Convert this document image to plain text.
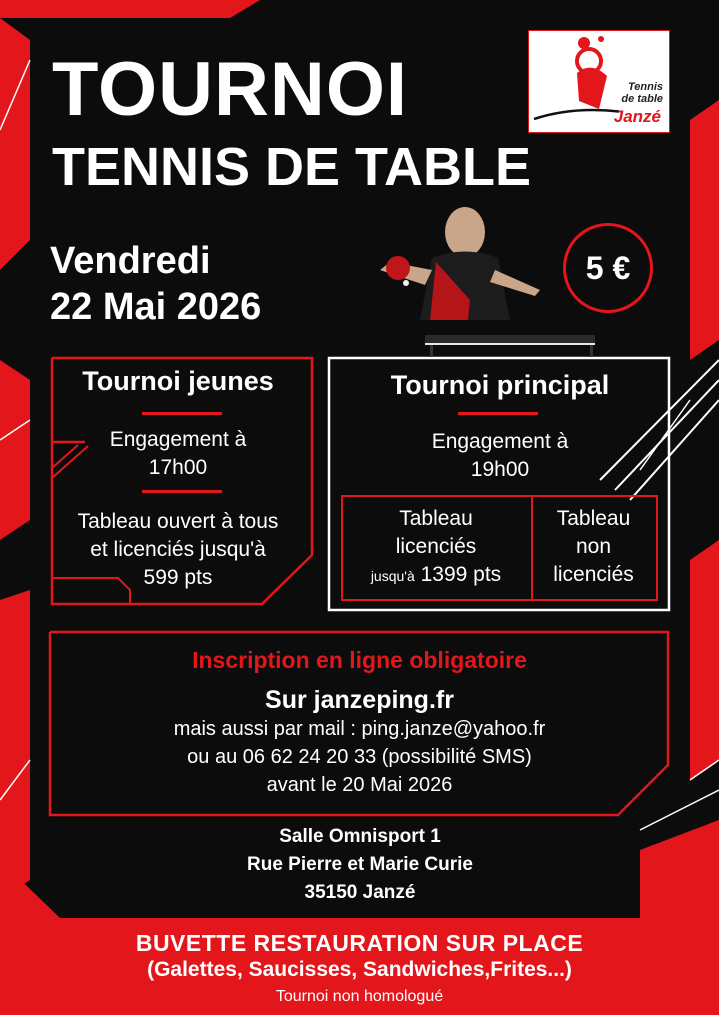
Tennis
de table
Janzé
TOURNOI
TENNIS DE TABLE
Vendredi
22 Mai 2026
5 €
Tournoi jeunes
Engagement à
17h00
Tableau ouvert à tous
et licenciés jusqu'à
599 pts
Tournoi principal
Engagement à
19h00
Tableau
licenciés
jusqu'à 1399 pts
Tableau
non
licenciés
Inscription en ligne obligatoire
Sur janzeping.fr
mais aussi par mail : ping.janze@yahoo.fr
ou au 06 62 24 20 33 (possibilité SMS)
avant le 20 Mai 2026
Salle Omnisport 1
Rue Pierre et Marie Curie
35150 Janzé
BUVETTE RESTAURATION SUR PLACE
(Galettes, Saucisses, Sandwiches,Frites...)
Tournoi non homologué
